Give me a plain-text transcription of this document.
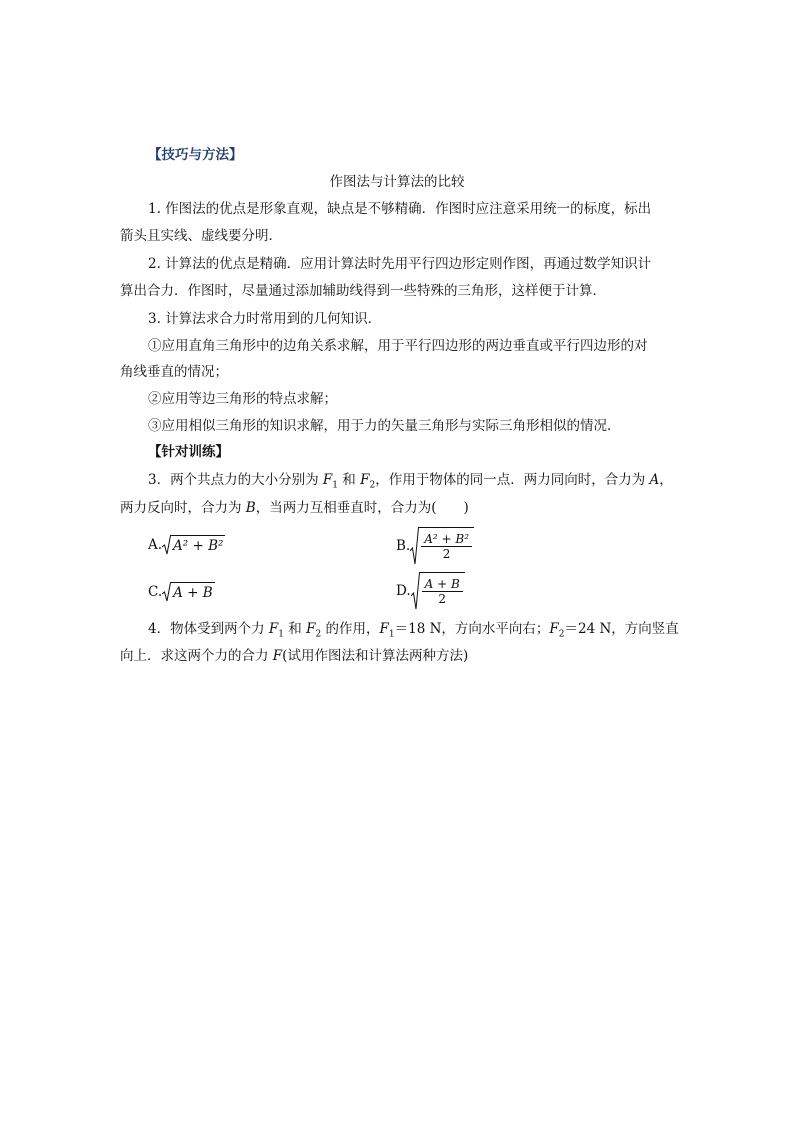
【技巧与方法】
作图法与计算法的比较
1. 作图法的优点是形象直观，缺点是不够精确．作图时应注意采用统一的标度，标出
箭头且实线、虚线要分明．
2. 计算法的优点是精确．应用计算法时先用平行四边形定则作图，再通过数学知识计
算出合力．作图时，尽量通过添加辅助线得到一些特殊的三角形，这样便于计算．
3. 计算法求合力时常用到的几何知识．
①应用直角三角形中的边角关系求解，用于平行四边形的两边垂直或平行四边形的对
角线垂直的情况；
②应用等边三角形的特点求解；
③应用相似三角形的知识求解，用于力的矢量三角形与实际三角形相似的情况．
【针对训练】
3．两个共点力的大小分别为 $F_1$ 和 $F_2$，作用于物体的同一点．两力同向时，合力为 A，
两力反向时，合力为 B，当两力互相垂直时，合力为(　　)
A. A² + B²	B. $\frac{\text{A² + B²}}{2}$
C. A + B	D. $\frac{A + B}{2}$
4．物体受到两个力 $F_1$ 和 $F_2$ 的作用，$F_1=18$ N，方向水平向右；$F_2=24$ N，方向竖直
向上．求这两个力的合力 F(试用作图法和计算法两种方法)
